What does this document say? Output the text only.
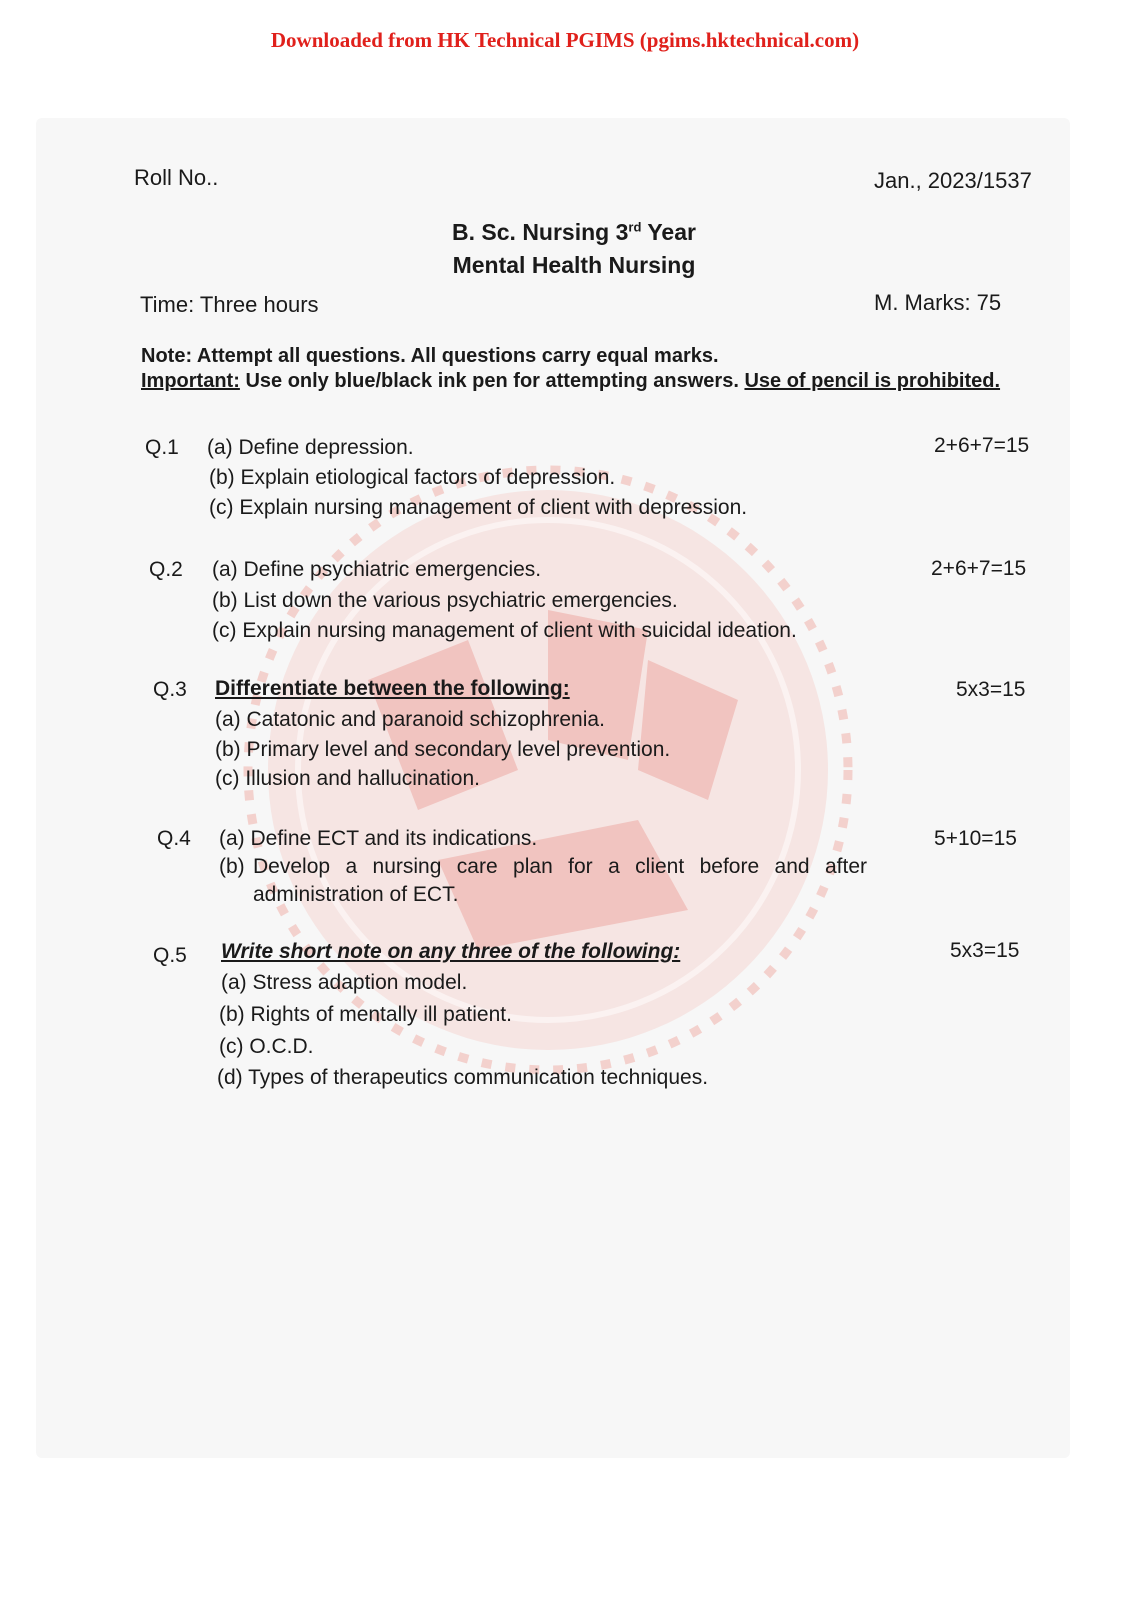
Downloaded from HK Technical PGIMS (pgims.hktechnical.com)
Roll No..	Jan., 2023/1537
B. Sc. Nursing 3rd Year
Mental Health Nursing
Time: Three hours	M. Marks: 75
Note: Attempt all questions. All questions carry equal marks.
Important: Use only blue/black ink pen for attempting answers. Use of pencil is prohibited.
Q.1	2+6+7=15
(a) Define depression.
(b) Explain etiological factors of depression.
(c) Explain nursing management of client with depression.
Q.2	2+6+7=15
(a) Define psychiatric emergencies.
(b) List down the various psychiatric emergencies.
(c) Explain nursing management of client with suicidal ideation.
Q.3	5x3=15
Differentiate between the following:
(a) Catatonic and paranoid schizophrenia.
(b) Primary level and secondary level prevention.
(c) Illusion and hallucination.
Q.4	5+10=15
(a) Define ECT and its indications.
(b) Develop a nursing care plan for a client before and after
administration of ECT.
Q.5	5x3=15
Write short note on any three of the following:
(a) Stress adaption model.
(b) Rights of mentally ill patient.
(c) O.C.D.
(d) Types of therapeutics communication techniques.
